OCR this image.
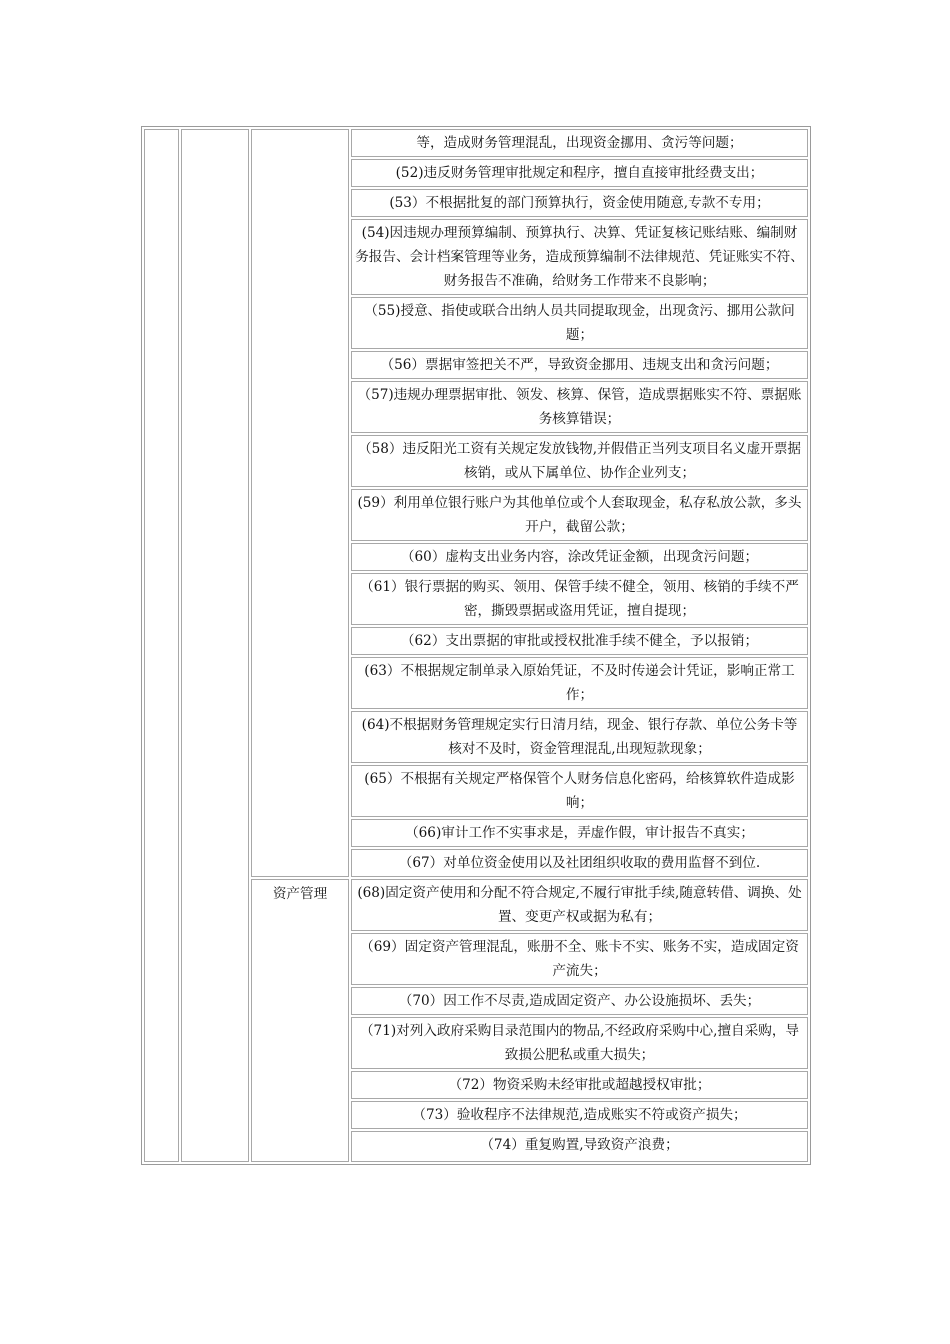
			等，造成财务管理混乱，出现资金挪用、贪污等问题；
			(52)违反财务管理审批规定和程序，擅自直接审批经费支出；
			(53）不根据批复的部门预算执行，资金使用随意,专款不专用；
			(54)因违规办理预算编制、预算执行、决算、凭证复核记账结账、编制财务报告、会计档案管理等业务，造成预算编制不法律规范、凭证账实不符、财务报告不准确，给财务工作带来不良影响；
			（55)授意、指使或联合出纳人员共同提取现金，出现贪污、挪用公款问题；
			（56）票据审签把关不严，导致资金挪用、违规支出和贪污问题；
			（57)违规办理票据审批、领发、核算、保管，造成票据账实不符、票据账务核算错误；
			（58）违反阳光工资有关规定发放钱物,并假借正当列支项目名义虚开票据核销，或从下属单位、协作企业列支；
			(59）利用单位银行账户为其他单位或个人套取现金，私存私放公款，多头开户，截留公款；
			（60）虚构支出业务内容，涂改凭证金额，出现贪污问题；
			（61）银行票据的购买、领用、保管手续不健全，领用、核销的手续不严密，撕毁票据或盗用凭证，擅自提现；
			（62）支出票据的审批或授权批准手续不健全，予以报销；
			(63）不根据规定制单录入原始凭证，不及时传递会计凭证，影响正常工作；
			(64)不根据财务管理规定实行日清月结，现金、银行存款、单位公务卡等核对不及时，资金管理混乱,出现短款现象；
			(65）不根据有关规定严格保管个人财务信息化密码，给核算软件造成影响；
			（66)审计工作不实事求是，弄虚作假，审计报告不真实；
			（67）对单位资金使用以及社团组织收取的费用监督不到位.
		资产管理	(68)固定资产使用和分配不符合规定,不履行审批手续,随意转借、调换、处置、变更产权或据为私有；
			（69）固定资产管理混乱，账册不全、账卡不实、账务不实，造成固定资产流失；
			（70）因工作不尽责,造成固定资产、办公设施损坏、丢失；
			（71)对列入政府采购目录范围内的物品,不经政府采购中心,擅自采购，导致损公肥私或重大损失；
			（72）物资采购未经审批或超越授权审批；
			（73）验收程序不法律规范,造成账实不符或资产损失；
			（74）重复购置,导致资产浪费；
